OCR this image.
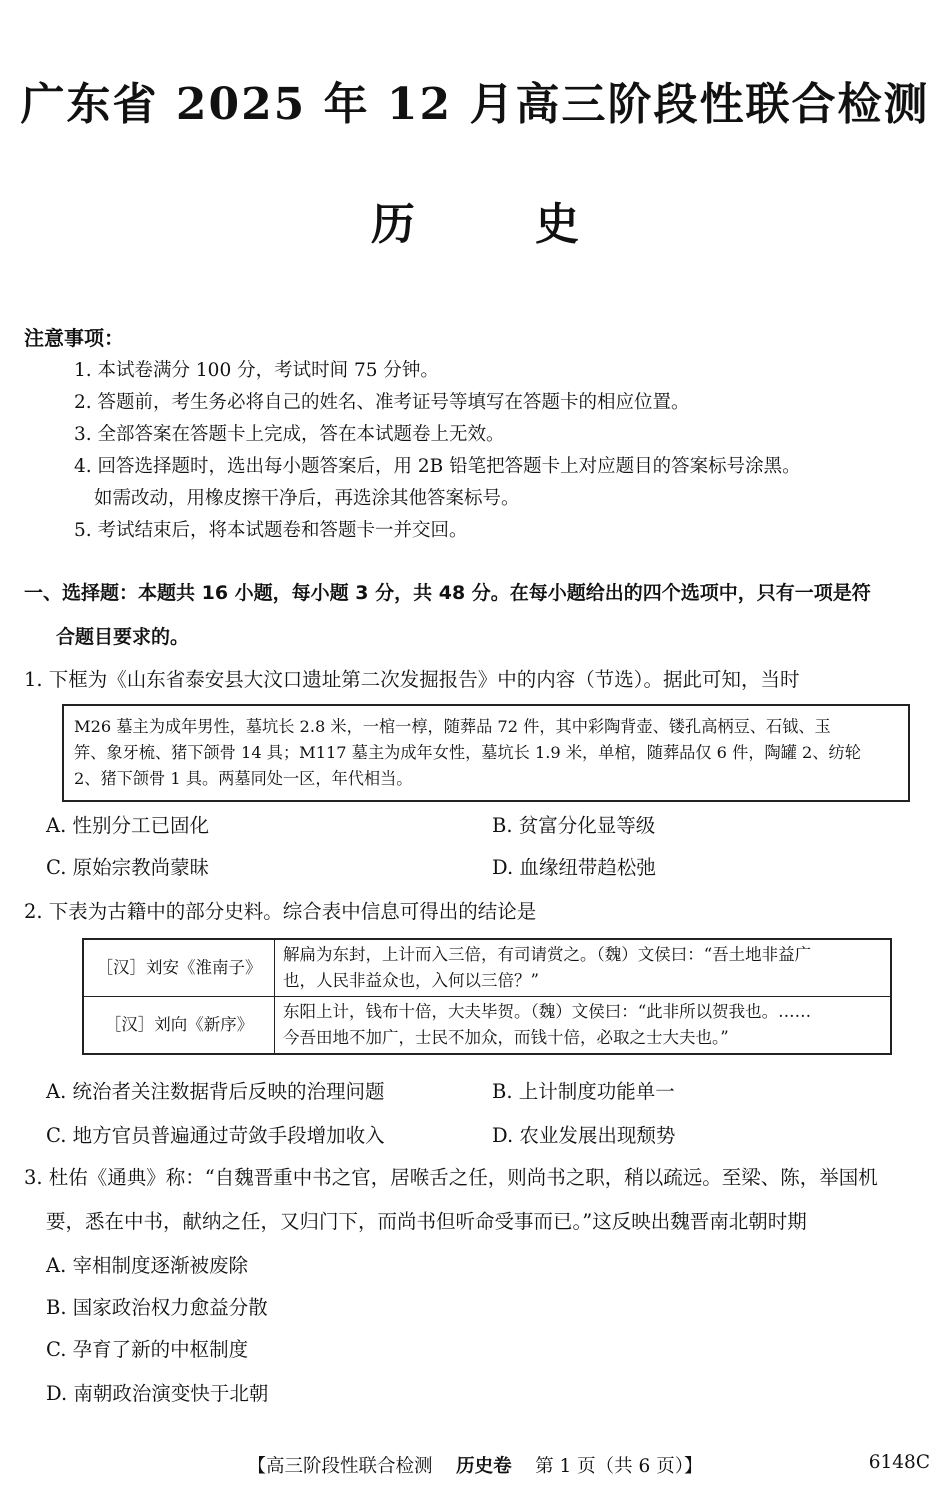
广东省 2025 年 12 月高三阶段性联合检测
历史
注意事项：
1. 本试卷满分 100 分，考试时间 75 分钟。
2. 答题前，考生务必将自己的姓名、准考证号等填写在答题卡的相应位置。
3. 全部答案在答题卡上完成，答在本试题卷上无效。
4. 回答选择题时，选出每小题答案后，用 2B 铅笔把答题卡上对应题目的答案标号涂黑。
如需改动，用橡皮擦干净后，再选涂其他答案标号。
5. 考试结束后，将本试题卷和答题卡一并交回。
一、选择题：本题共 16 小题，每小题 3 分，共 48 分。在每小题给出的四个选项中，只有一项是符
合题目要求的。
1. 下框为《山东省泰安县大汶口遗址第二次发掘报告》中的内容（节选）。据此可知，当时
M26 墓主为成年男性，墓坑长 2.8 米，一棺一椁，随葬品 72 件，其中彩陶背壶、镂孔高柄豆、石钺、玉
笄、象牙梳、猪下颌骨 14 具；M117 墓主为成年女性，墓坑长 1.9 米，单棺，随葬品仅 6 件，陶罐 2、纺轮
2、猪下颌骨 1 具。两墓同处一区，年代相当。
A. 性别分工已固化	B. 贫富分化显等级
C. 原始宗教尚蒙昧	D. 血缘纽带趋松弛
2. 下表为古籍中的部分史料。综合表中信息可得出的结论是
［汉］刘安《淮南子》	解扁为东封，上计而入三倍，有司请赏之。（魏）文侯曰：“吾土地非益广
也，人民非益众也，入何以三倍？”

［汉］刘向《新序》	东阳上计，钱布十倍，大夫毕贺。（魏）文侯曰：“此非所以贺我也。……
今吾田地不加广，士民不加众，而钱十倍，必取之士大夫也。”
A. 统治者关注数据背后反映的治理问题	B. 上计制度功能单一
C. 地方官员普遍通过苛敛手段增加收入	D. 农业发展出现颓势
3. 杜佑《通典》称：“自魏晋重中书之官，居喉舌之任，则尚书之职，稍以疏远。至梁、陈，举国机
要，悉在中书，献纳之任，又归门下，而尚书但听命受事而已。”这反映出魏晋南北朝时期
A. 宰相制度逐渐被废除
B. 国家政治权力愈益分散
C. 孕育了新的中枢制度
D. 南朝政治演变快于北朝
【高三阶段性联合检测 历史卷 第 1 页（共 6 页）】	6148C
